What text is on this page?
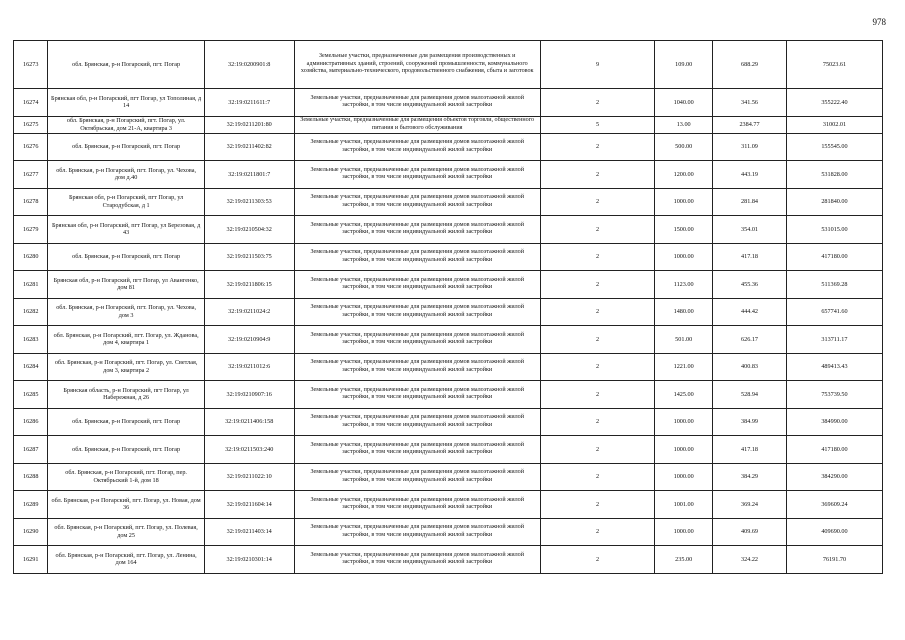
978
16273	обл. Брянская, р-н Погарский, пгт. Погар	32:19:0200901:8	Земельные участки, предназначенные для размещения производственных и административных зданий, строений, сооружений промышленности, коммунального хозяйства, материально-технического, продовольственного снабжения, сбыта и заготовок	9	109.00	688.29	75023.61
16274	Брянская обл, р-н Погарский, пгт Погар, ул Тополиная, д 14	32:19:0211611:7	Земельные участки, предназначенные для размещения домов малоэтажной жилой застройки, в том числе индивидуальной жилой застройки	2	1040.00	341.56	355222.40
16275	обл. Брянская, р-н Погарский, пгт. Погар, ул. Октябрьская, дом 21-А, квартира 3	32:19:0211201:80	Земельные участки, предназначенные для размещения объектов торговли, общественного питания и бытового обслуживания	5	13.00	2384.77	31002.01
16276	обл. Брянская, р-н Погарский, пгт. Погар	32:19:0211402:82	Земельные участки, предназначенные для размещения домов малоэтажной жилой застройки, в том числе индивидуальной жилой застройки	2	500.00	311.09	155545.00
16277	обл. Брянская, р-н Погарский, пгт. Погар, ул. Чехова, дом д.40	32:19:0211801:7	Земельные участки, предназначенные для размещения домов малоэтажной жилой застройки, в том числе индивидуальной жилой застройки	2	1200.00	443.19	531828.00
16278	Брянская обл, р-н Погарский, пгт Погар, ул Стародубская, д 1	32:19:0211303:53	Земельные участки, предназначенные для размещения домов малоэтажной жилой застройки, в том числе индивидуальной жилой застройки	2	1000.00	281.84	281840.00
16279	Брянская обл, р-н Погарский, пгт Погар, ул Березовая, д 43	32:19:0210504:32	Земельные участки, предназначенные для размещения домов малоэтажной жилой застройки, в том числе индивидуальной жилой застройки	2	1500.00	354.01	531015.00
16280	обл. Брянская, р-н Погарский, пгт. Погар	32:19:0211503:75	Земельные участки, предназначенные для размещения домов малоэтажной жилой застройки, в том числе индивидуальной жилой застройки	2	1000.00	417.18	417180.00
16281	Брянская обл, р-н Погарский, пгт Погар, ул Авангенко, дом 81	32:19:0211806:15	Земельные участки, предназначенные для размещения домов малоэтажной жилой застройки, в том числе индивидуальной жилой застройки	2	1123.00	455.36	511369.28
16282	обл. Брянская, р-н Погарский, пгт. Погар, ул. Чехова, дом 3	32:19:0211024:2	Земельные участки, предназначенные для размещения домов малоэтажной жилой застройки, в том числе индивидуальной жилой застройки	2	1480.00	444.42	657741.60
16283	обл. Брянская, р-н Погарский, пгт. Погар, ул. Жданова, дом 4, квартира 1	32:19:0210904:9	Земельные участки, предназначенные для размещения домов малоэтажной жилой застройки, в том числе индивидуальной жилой застройки	2	501.00	626.17	313711.17
16284	обл. Брянская, р-н Погарский, пгт. Погар, ул. Светлая, дом 3, квартира 2	32:19:0211012:6	Земельные участки, предназначенные для размещения домов малоэтажной жилой застройки, в том числе индивидуальной жилой застройки	2	1221.00	400.83	489413.43
16285	Брянская область, р-н Погарский, пгт Погар, ул Набережная, д 26	32:19:0210907:16	Земельные участки, предназначенные для размещения домов малоэтажной жилой застройки, в том числе индивидуальной жилой застройки	2	1425.00	528.94	753739.50
16286	обл. Брянская, р-н Погарский, пгт. Погар	32:19:0211406:158	Земельные участки, предназначенные для размещения домов малоэтажной жилой застройки, в том числе индивидуальной жилой застройки	2	1000.00	384.99	384990.00
16287	обл. Брянская, р-н Погарский, пгт. Погар	32:19:0211503:240	Земельные участки, предназначенные для размещения домов малоэтажной жилой застройки, в том числе индивидуальной жилой застройки	2	1000.00	417.18	417180.00
16288	обл. Брянская, р-н Погарский, пгт. Погар, пер. Октябрьский 1-й, дом 18	32:19:0211022:10	Земельные участки, предназначенные для размещения домов малоэтажной жилой застройки, в том числе индивидуальной жилой застройки	2	1000.00	384.29	384290.00
16289	обл. Брянская, р-н Погарский, пгт. Погар, ул. Новая, дом 36	32:19:0211604:14	Земельные участки, предназначенные для размещения домов малоэтажной жилой застройки, в том числе индивидуальной жилой застройки	2	1001.00	369.24	369609.24
16290	обл. Брянская, р-н Погарский, пгт. Погар, ул. Полевая, дом 25	32:19:0211403:14	Земельные участки, предназначенные для размещения домов малоэтажной жилой застройки, в том числе индивидуальной жилой застройки	2	1000.00	409.69	409690.00
16291	обл. Брянская, р-н Погарский, пгт. Погар, ул. Ленина, дом 164	32:19:0210301:14	Земельные участки, предназначенные для размещения домов малоэтажной жилой застройки, в том числе индивидуальной жилой застройки	2	235.00	324.22	76191.70
